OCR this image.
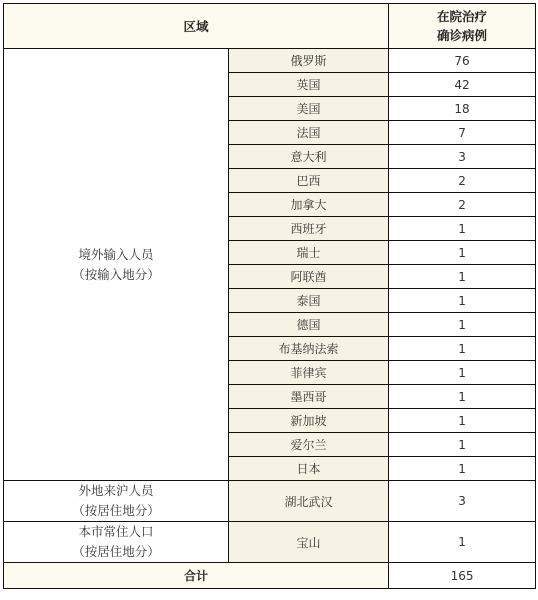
区域		在院治疗
确诊病例

境外输入人员
（按输入地分）	俄罗斯	76
	英国	42
	美国	18
	法国	7
	意大利	3
	巴西	2
	加拿大	2
	西班牙	1
	瑞士	1
	阿联酋	1
	泰国	1
	德国	1
	布基纳法索	1
	菲律宾	1
	墨西哥	1
	新加坡	1
	爱尔兰	1
	日本	1

外地来沪人员
（按居住地分）	湖北武汉	3

本市常住人口
（按居住地分）	宝山	1
合计		165
